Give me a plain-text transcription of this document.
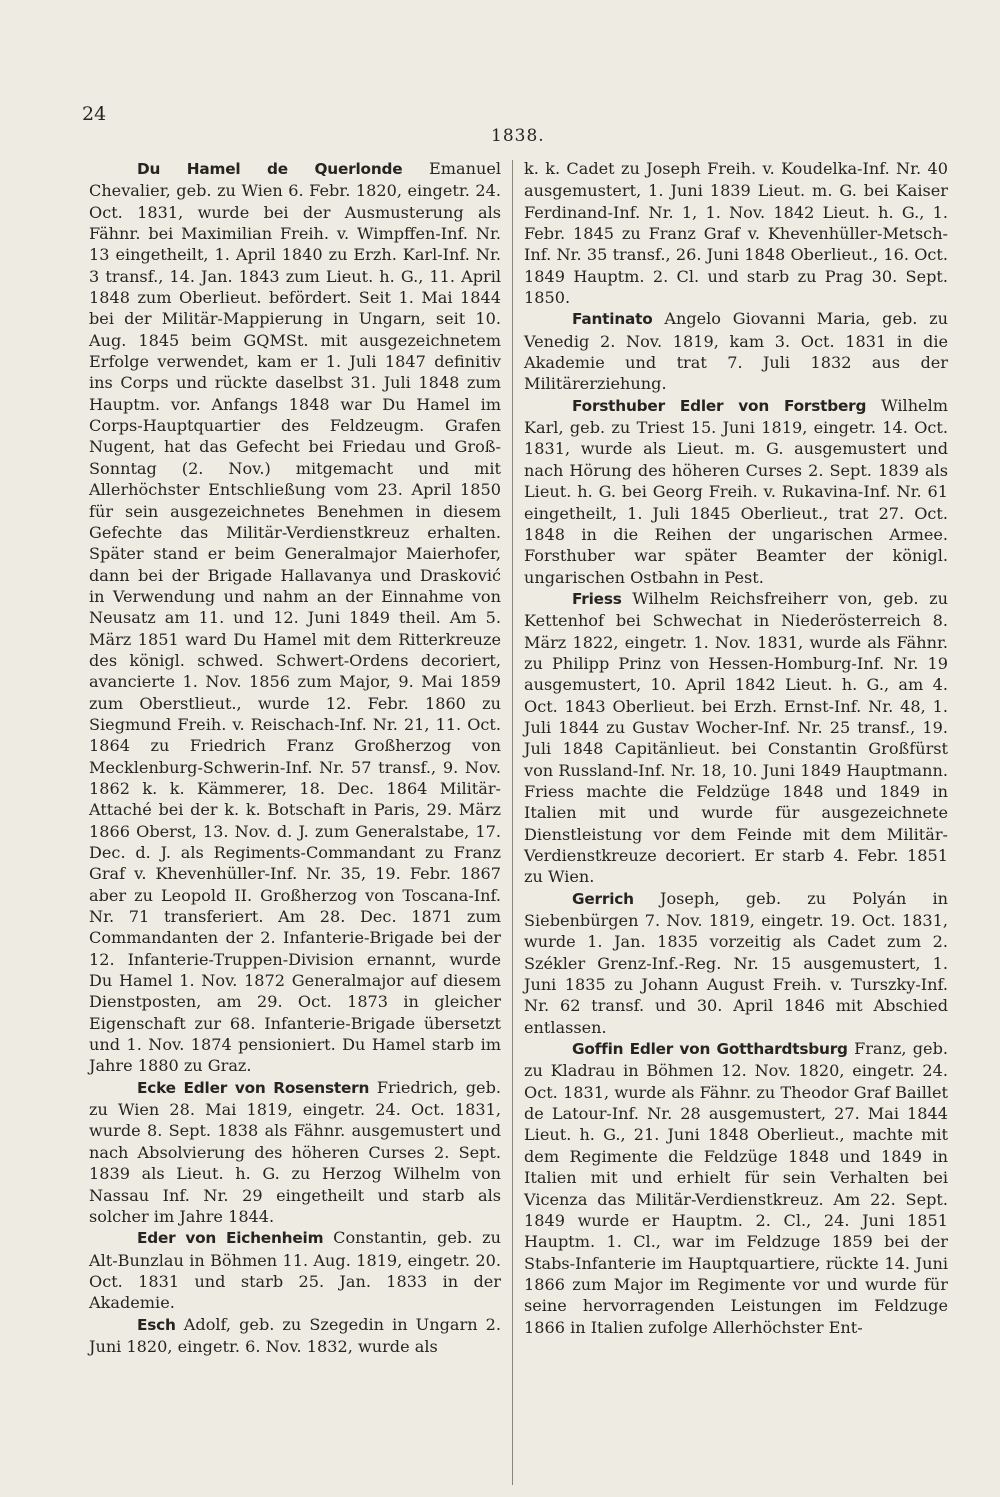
24
1838.

Du Hamel de Querlonde Emanuel Chevalier, geb. zu Wien 6. Febr. 1820, eingetr. 24. Oct. 1831, wurde bei der Ausmusterung als Fähnr. bei Maximilian Freih. v. Wimpffen-Inf. Nr. 13 eingetheilt, 1. April 1840 zu Erzh. Karl-Inf. Nr. 3 transf., 14. Jan. 1843 zum Lieut. h. G., 11. April 1848 zum Oberlieut. befördert. Seit 1. Mai 1844 bei der Militär-Mappierung in Ungarn, seit 10. Aug. 1845 beim GQMSt. mit ausgezeichnetem Erfolge verwendet, kam er 1. Juli 1847 definitiv ins Corps und rückte daselbst 31. Juli 1848 zum Hauptm. vor. Anfangs 1848 war Du Hamel im Corps-Hauptquartier des Feldzeugm. Grafen Nugent, hat das Gefecht bei Friedau und Groß-Sonntag (2. Nov.) mitgemacht und mit Allerhöchster Entschließung vom 23. April 1850 für sein ausgezeichnetes Benehmen in diesem Gefechte das Militär-Verdienstkreuz erhalten. Später stand er beim Generalmajor Maierhofer, dann bei der Brigade Hallavanya und Drasković in Verwendung und nahm an der Einnahme von Neusatz am 11. und 12. Juni 1849 theil. Am 5. März 1851 ward Du Hamel mit dem Ritterkreuze des königl. schwed. Schwert-Ordens decoriert, avancierte 1. Nov. 1856 zum Major, 9. Mai 1859 zum Oberstlieut., wurde 12. Febr. 1860 zu Siegmund Freih. v. Reischach-Inf. Nr. 21, 11. Oct. 1864 zu Friedrich Franz Großherzog von Mecklenburg-Schwerin-Inf. Nr. 57 transf., 9. Nov. 1862 k. k. Kämmerer, 18. Dec. 1864 Militär-Attaché bei der k. k. Botschaft in Paris, 29. März 1866 Oberst, 13. Nov. d. J. zum Generalstabe, 17. Dec. d. J. als Regiments-Commandant zu Franz Graf v. Khevenhüller-Inf. Nr. 35, 19. Febr. 1867 aber zu Leopold II. Großherzog von Toscana-Inf. Nr. 71 transferiert. Am 28. Dec. 1871 zum Commandanten der 2. Infanterie-Brigade bei der 12. Infanterie-Truppen-Division ernannt, wurde Du Hamel 1. Nov. 1872 Generalmajor auf diesem Dienstposten, am 29. Oct. 1873 in gleicher Eigenschaft zur 68. Infanterie-Brigade übersetzt und 1. Nov. 1874 pensioniert. Du Hamel starb im Jahre 1880 zu Graz.

Ecke Edler von Rosenstern Friedrich, geb. zu Wien 28. Mai 1819, eingetr. 24. Oct. 1831, wurde 8. Sept. 1838 als Fähnr. ausgemustert und nach Absolvierung des höheren Curses 2. Sept. 1839 als Lieut. h. G. zu Herzog Wilhelm von Nassau Inf. Nr. 29 eingetheilt und starb als solcher im Jahre 1844.

Eder von Eichenheim Constantin, geb. zu Alt-Bunzlau in Böhmen 11. Aug. 1819, eingetr. 20. Oct. 1831 und starb 25. Jan. 1833 in der Akademie.

Esch Adolf, geb. zu Szegedin in Ungarn 2. Juni 1820, eingetr. 6. Nov. 1832, wurde als

k. k. Cadet zu Joseph Freih. v. Koudelka-Inf. Nr. 40 ausgemustert, 1. Juni 1839 Lieut. m. G. bei Kaiser Ferdinand-Inf. Nr. 1, 1. Nov. 1842 Lieut. h. G., 1. Febr. 1845 zu Franz Graf v. Khevenhüller-Metsch-Inf. Nr. 35 transf., 26. Juni 1848 Oberlieut., 16. Oct. 1849 Hauptm. 2. Cl. und starb zu Prag 30. Sept. 1850.

Fantinato Angelo Giovanni Maria, geb. zu Venedig 2. Nov. 1819, kam 3. Oct. 1831 in die Akademie und trat 7. Juli 1832 aus der Militärerziehung.

Forsthuber Edler von Forstberg Wilhelm Karl, geb. zu Triest 15. Juni 1819, eingetr. 14. Oct. 1831, wurde als Lieut. m. G. ausgemustert und nach Hörung des höheren Curses 2. Sept. 1839 als Lieut. h. G. bei Georg Freih. v. Rukavina-Inf. Nr. 61 eingetheilt, 1. Juli 1845 Oberlieut., trat 27. Oct. 1848 in die Reihen der ungarischen Armee. Forsthuber war später Beamter der königl. ungarischen Ostbahn in Pest.

Friess Wilhelm Reichsfreiherr von, geb. zu Kettenhof bei Schwechat in Niederösterreich 8. März 1822, eingetr. 1. Nov. 1831, wurde als Fähnr. zu Philipp Prinz von Hessen-Homburg-Inf. Nr. 19 ausgemustert, 10. April 1842 Lieut. h. G., am 4. Oct. 1843 Oberlieut. bei Erzh. Ernst-Inf. Nr. 48, 1. Juli 1844 zu Gustav Wocher-Inf. Nr. 25 transf., 19. Juli 1848 Capitänlieut. bei Constantin Großfürst von Russland-Inf. Nr. 18, 10. Juni 1849 Hauptmann. Friess machte die Feldzüge 1848 und 1849 in Italien mit und wurde für ausgezeichnete Dienstleistung vor dem Feinde mit dem Militär-Verdienstkreuze decoriert. Er starb 4. Febr. 1851 zu Wien.

Gerrich Joseph, geb. zu Polyán in Siebenbürgen 7. Nov. 1819, eingetr. 19. Oct. 1831, wurde 1. Jan. 1835 vorzeitig als Cadet zum 2. Székler Grenz-Inf.-Reg. Nr. 15 ausgemustert, 1. Juni 1835 zu Johann August Freih. v. Turszky-Inf. Nr. 62 transf. und 30. April 1846 mit Abschied entlassen.

Goffin Edler von Gotthardtsburg Franz, geb. zu Kladrau in Böhmen 12. Nov. 1820, eingetr. 24. Oct. 1831, wurde als Fähnr. zu Theodor Graf Baillet de Latour-Inf. Nr. 28 ausgemustert, 27. Mai 1844 Lieut. h. G., 21. Juni 1848 Oberlieut., machte mit dem Regimente die Feldzüge 1848 und 1849 in Italien mit und erhielt für sein Verhalten bei Vicenza das Militär-Verdienstkreuz. Am 22. Sept. 1849 wurde er Hauptm. 2. Cl., 24. Juni 1851 Hauptm. 1. Cl., war im Feldzuge 1859 bei der Stabs-Infanterie im Hauptquartiere, rückte 14. Juni 1866 zum Major im Regimente vor und wurde für seine hervorragenden Leistungen im Feldzuge 1866 in Italien zufolge Allerhöchster Ent-
